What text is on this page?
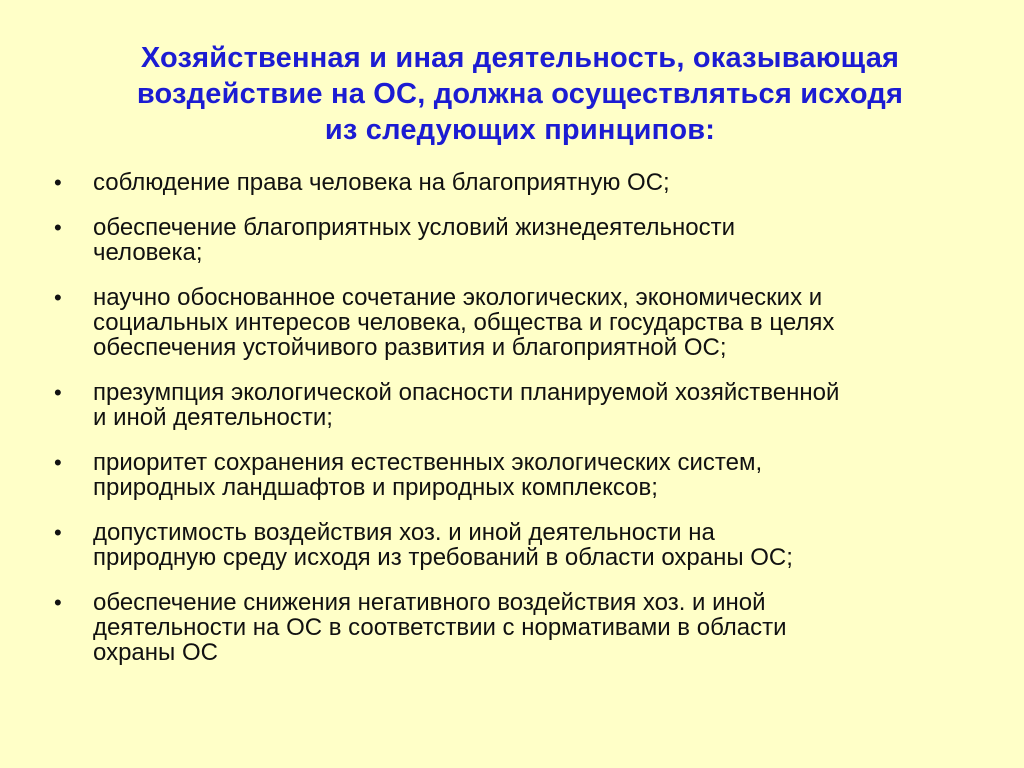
Хозяйственная и иная деятельность, оказывающая
воздействие на ОС, должна осуществляться исходя
из следующих принципов:
• соблюдение права человека на благоприятную ОС;
• обеспечение благоприятных условий жизнедеятельности
человека;
• научно обоснованное сочетание экологических, экономических и
социальных интересов человека, общества и государства в целях
обеспечения устойчивого развития и благоприятной ОС;
• презумпция экологической опасности планируемой хозяйственной
и иной деятельности;
• приоритет сохранения естественных экологических систем,
природных ландшафтов и природных комплексов;
• допустимость воздействия хоз. и иной деятельности на
природную среду исходя из требований в области охраны ОС;
• обеспечение снижения негативного воздействия хоз. и иной
деятельности на ОС в соответствии с нормативами в области
охраны ОС
